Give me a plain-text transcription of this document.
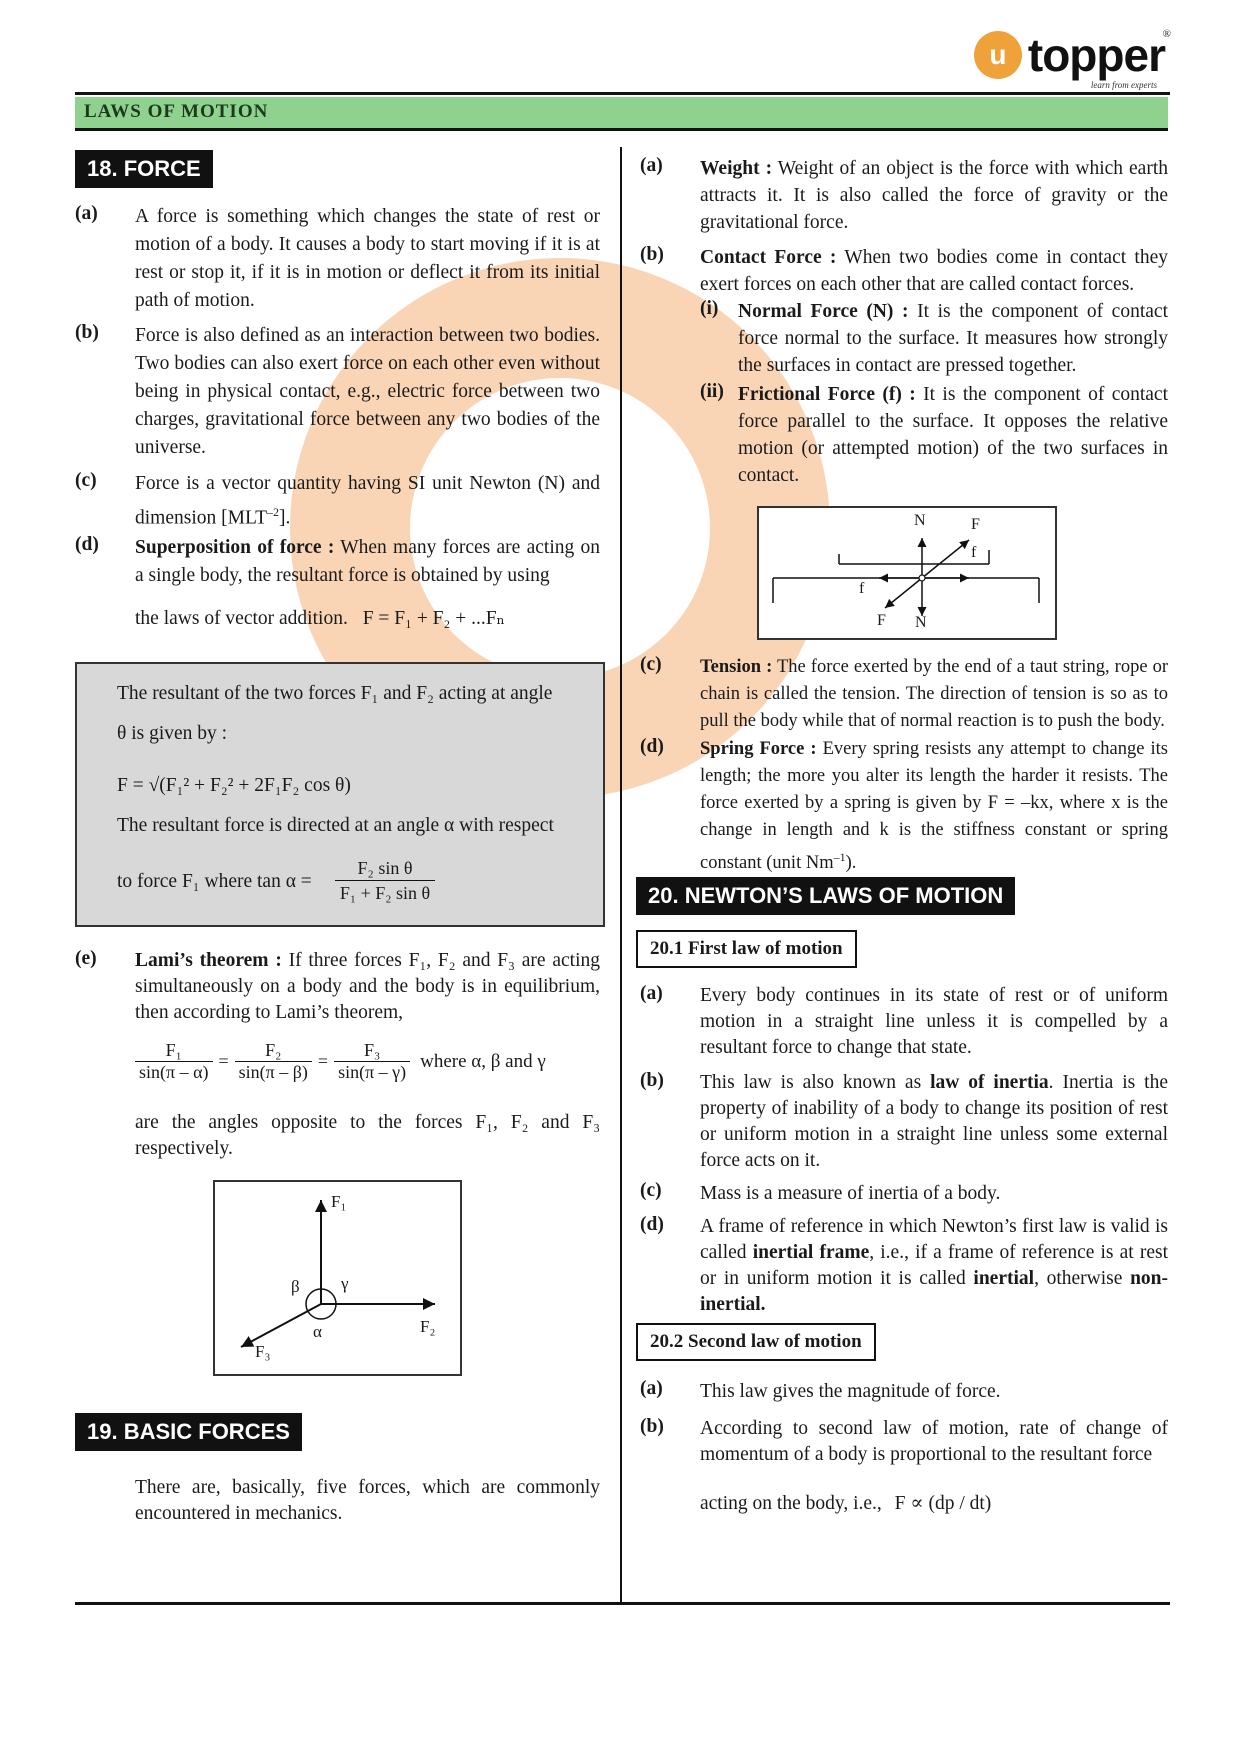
u topper
®
learn from experts
LAWS OF MOTION
18. FORCE
(a) A force is something which changes the state of rest or motion of a body. It causes a body to start moving if it is at rest or stop it, if it is in motion or deflect it from its initial path of motion.
(b) Force is also defined as an interaction between two bodies. Two bodies can also exert force on each other even without being in physical contact, e.g., electric force between two charges, gravitational force between any two bodies of the universe.
(c) Force is a vector quantity having SI unit Newton (N) and dimension $[MLT^{-2}]$.
(d) Superposition of force : When many forces are acting on a single body, the resultant force is obtained by using
the laws of vector addition. F = F₁ + F₂ + ...Fₙ
The resultant of the two forces F₁ and F₂ acting at angle
θ is given by :
F = √(F₁² + F₂² + 2F₁F₂ cos θ)
The resultant force is directed at an angle α with respect
to force F₁ where $\tan \alpha = \frac{\text{F₂ sin θ}}{\text{F₁ + F₂ sin θ}}$
(e) Lami’s theorem : If three forces F₁, F₂ and F₃ are acting simultaneously on a body and the body is in equilibrium, then according to Lami’s theorem,
$\frac{\text{F₁}}{\sin(\pi - \alpha)} = \frac{\text{F₂}}{\sin(\pi - \beta)} = \frac{\text{F₃}}{\sin(\pi - \gamma)}$ where α, β and γ
are the angles opposite to the forces F₁, F₂ and F₃ respectively.
F₁
F₂
F₃
α
β γ
19. BASIC FORCES
There are, basically, five forces, which are commonly encountered in mechanics.
(a) Weight : Weight of an object is the force with which earth attracts it. It is also called the force of gravity or the gravitational force.
(b) Contact Force : When two bodies come in contact they exert forces on each other that are called contact forces.
(i) Normal Force (N) : It is the component of contact force normal to the surface. It measures how strongly the surfaces in contact are pressed together.
(ii) Frictional Force (f) : It is the component of contact force parallel to the surface. It opposes the relative motion (or attempted motion) of the two surfaces in contact.
N	F
f
f
F N
(c) Tension : The force exerted by the end of a taut string, rope or chain is called the tension. The direction of tension is so as to pull the body while that of normal reaction is to push the body.
(d) Spring Force : Every spring resists any attempt to change its length; the more you alter its length the harder it resists. The force exerted by a spring is given by F = –kx, where x is the change in length and k is the stiffness constant or spring constant (unit $Nm^{-1}$).
20. NEWTON’S LAWS OF MOTION
20.1 First law of motion
(a) Every body continues in its state of rest or of uniform motion in a straight line unless it is compelled by a resultant force to change that state.
(b) This law is also known as law of inertia. Inertia is the property of inability of a body to change its position of rest or uniform motion in a straight line unless some external force acts on it.
(c) Mass is a measure of inertia of a body.
(d) A frame of reference in which Newton’s first law is valid is called inertial frame, i.e., if a frame of reference is at rest or in uniform motion it is called inertial, otherwise non-inertial.
20.2 Second law of motion
(a) This law gives the magnitude of force.
(b) According to second law of motion, rate of change of momentum of a body is proportional to the resultant force
acting on the body, i.e., F ∝ (dp / dt)
